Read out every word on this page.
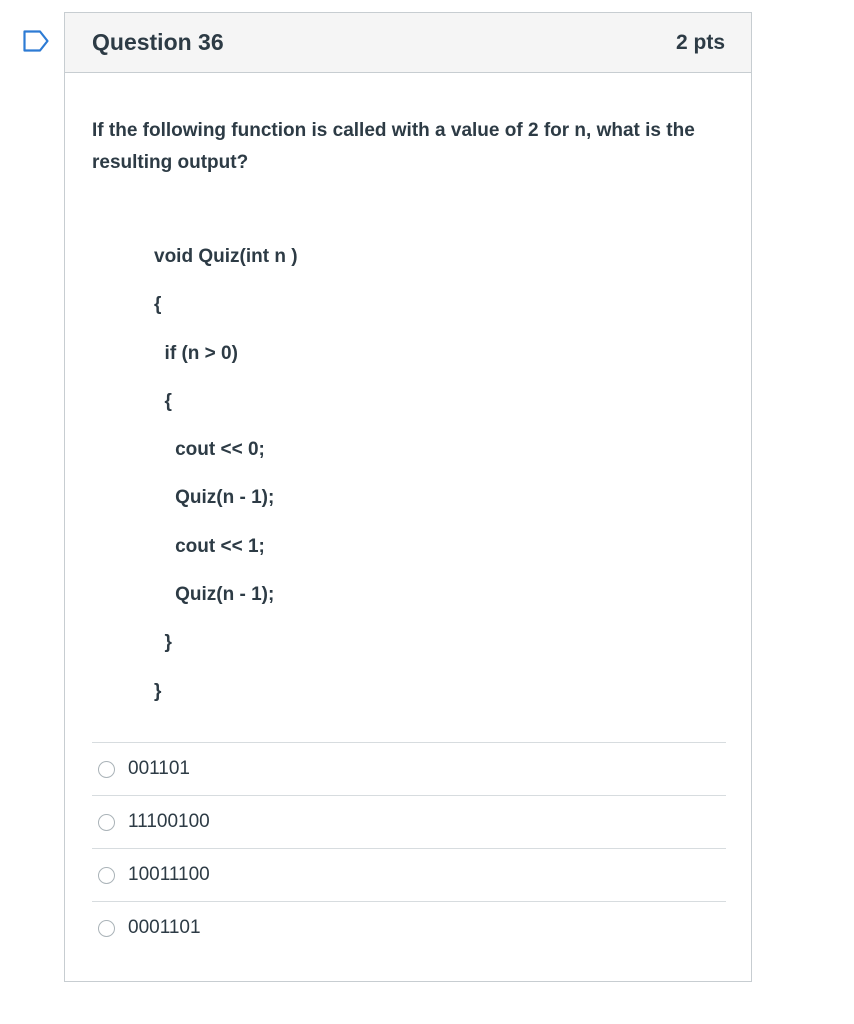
Question 36	2 pts
If the following function is called with a value of 2 for n, what is the resulting output?
void Quiz(int n )
{
if (n > 0)
{
cout << 0;
Quiz(n - 1);
cout << 1;
Quiz(n - 1);
}
}
001101
11100100
10011100
0001101
